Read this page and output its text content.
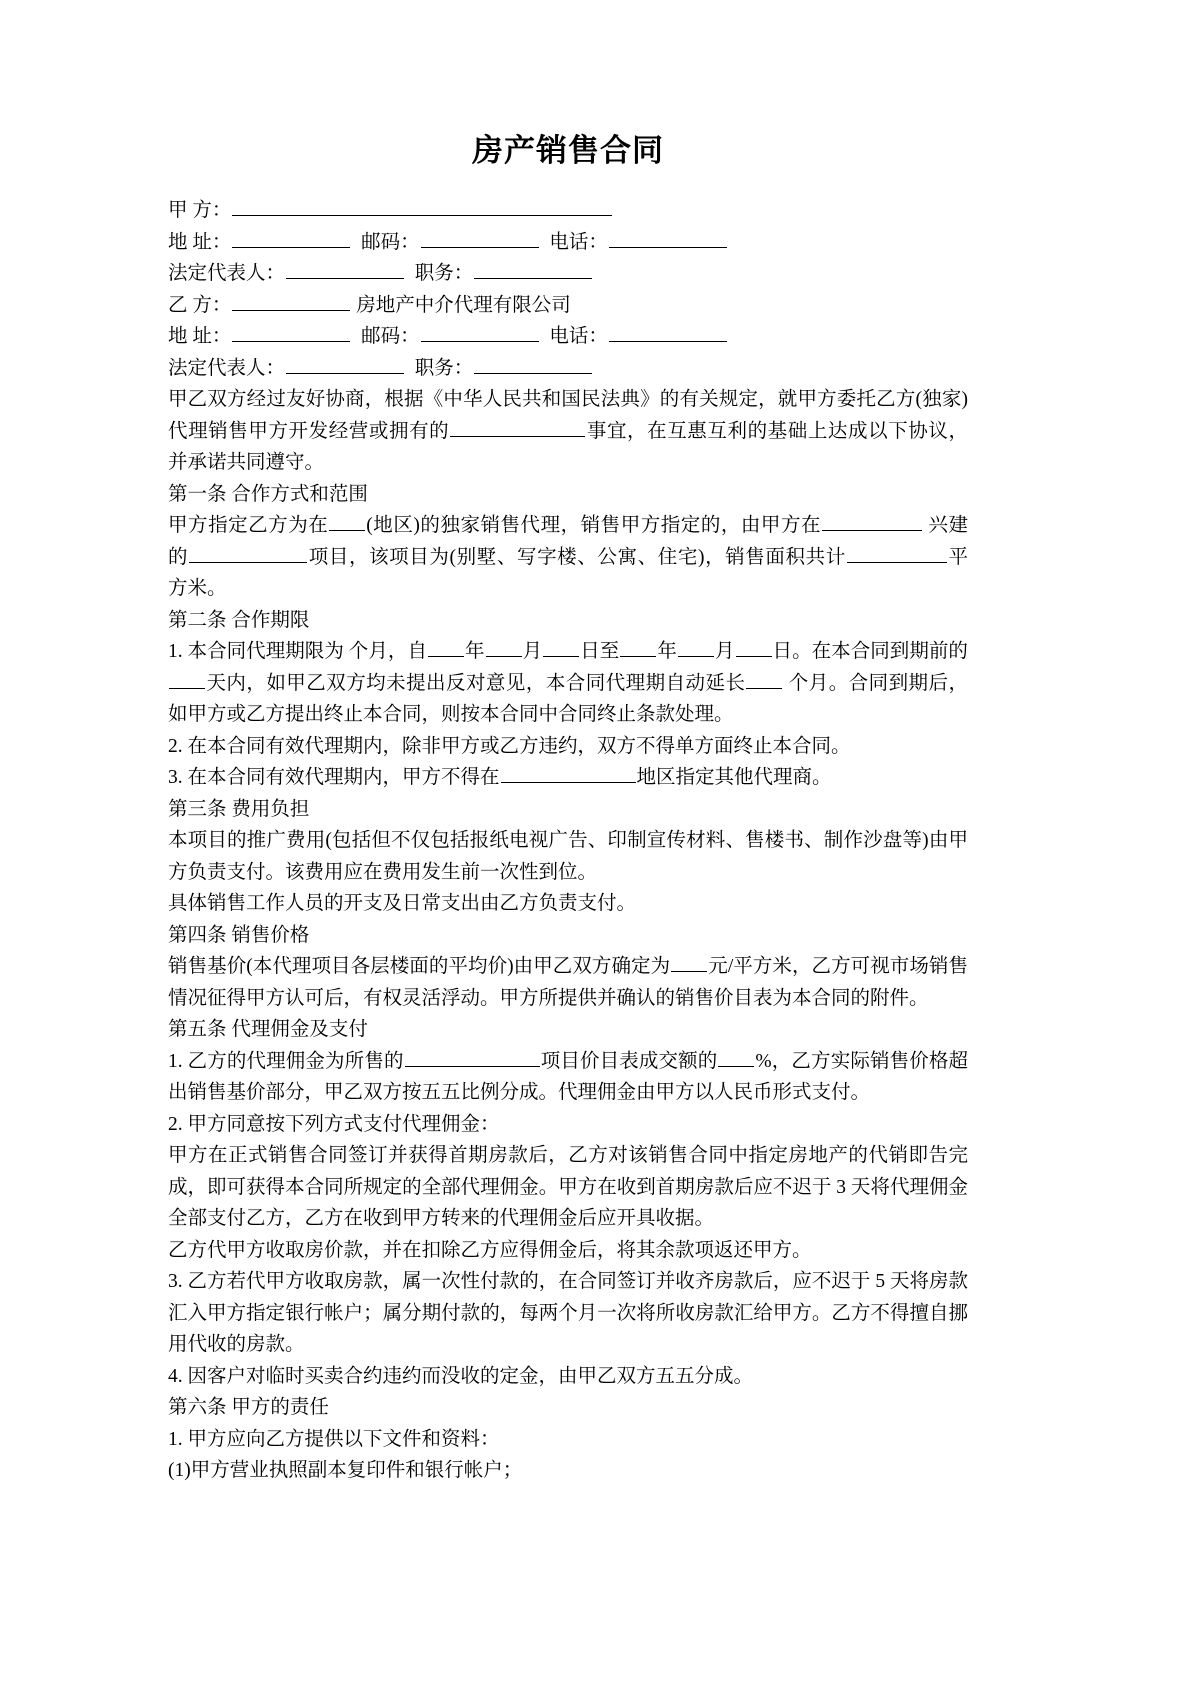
房产销售合同

甲 方：

地 址：	邮码：	电话：

法定代表人：	职务：

乙 方：	房地产中介代理有限公司

地 址：	邮码：	电话：

法定代表人：	职务：

甲乙双方经过友好协商，根据《中华人民共和国民法典》的有关规定，就甲方委托乙方(独家)代理销售甲方开发经营或拥有的	事宜，在互惠互利的基础上达成以下协议，并承诺共同遵守。

第一条 合作方式和范围

甲方指定乙方为在 (地区)的独家销售代理，销售甲方指定的，由甲方在	兴建的	项目，该项目为(别墅、写字楼、公寓、住宅)，销售面积共计	平方米。

第二条 合作期限

1. 本合同代理期限为 个月，自 年 月 日至 年 月 日。在本合同到期前的天内，如甲乙双方均未提出反对意见，本合同代理期自动延长 个月。合同到期后，如甲方或乙方提出终止本合同，则按本合同中合同终止条款处理。

2. 在本合同有效代理期内，除非甲方或乙方违约，双方不得单方面终止本合同。

3. 在本合同有效代理期内，甲方不得在	地区指定其他代理商。

第三条 费用负担

本项目的推广费用(包括但不仅包括报纸电视广告、印制宣传材料、售楼书、制作沙盘等)由甲方负责支付。该费用应在费用发生前一次性到位。

具体销售工作人员的开支及日常支出由乙方负责支付。

第四条 销售价格

销售基价(本代理项目各层楼面的平均价)由甲乙双方确定为 元/平方米，乙方可视市场销售情况征得甲方认可后，有权灵活浮动。甲方所提供并确认的销售价目表为本合同的附件。

第五条 代理佣金及支付

1. 乙方的代理佣金为所售的	项目价目表成交额的 %，乙方实际销售价格超出销售基价部分，甲乙双方按五五比例分成。代理佣金由甲方以人民币形式支付。

2. 甲方同意按下列方式支付代理佣金：

甲方在正式销售合同签订并获得首期房款后，乙方对该销售合同中指定房地产的代销即告完成，即可获得本合同所规定的全部代理佣金。甲方在收到首期房款后应不迟于 3 天将代理佣金全部支付乙方，乙方在收到甲方转来的代理佣金后应开具收据。

乙方代甲方收取房价款，并在扣除乙方应得佣金后，将其余款项返还甲方。

3. 乙方若代甲方收取房款，属一次性付款的，在合同签订并收齐房款后，应不迟于 5 天将房款汇入甲方指定银行帐户；属分期付款的，每两个月一次将所收房款汇给甲方。乙方不得擅自挪用代收的房款。

4. 因客户对临时买卖合约违约而没收的定金，由甲乙双方五五分成。

第六条 甲方的责任

1. 甲方应向乙方提供以下文件和资料：

(1)甲方营业执照副本复印件和银行帐户；
